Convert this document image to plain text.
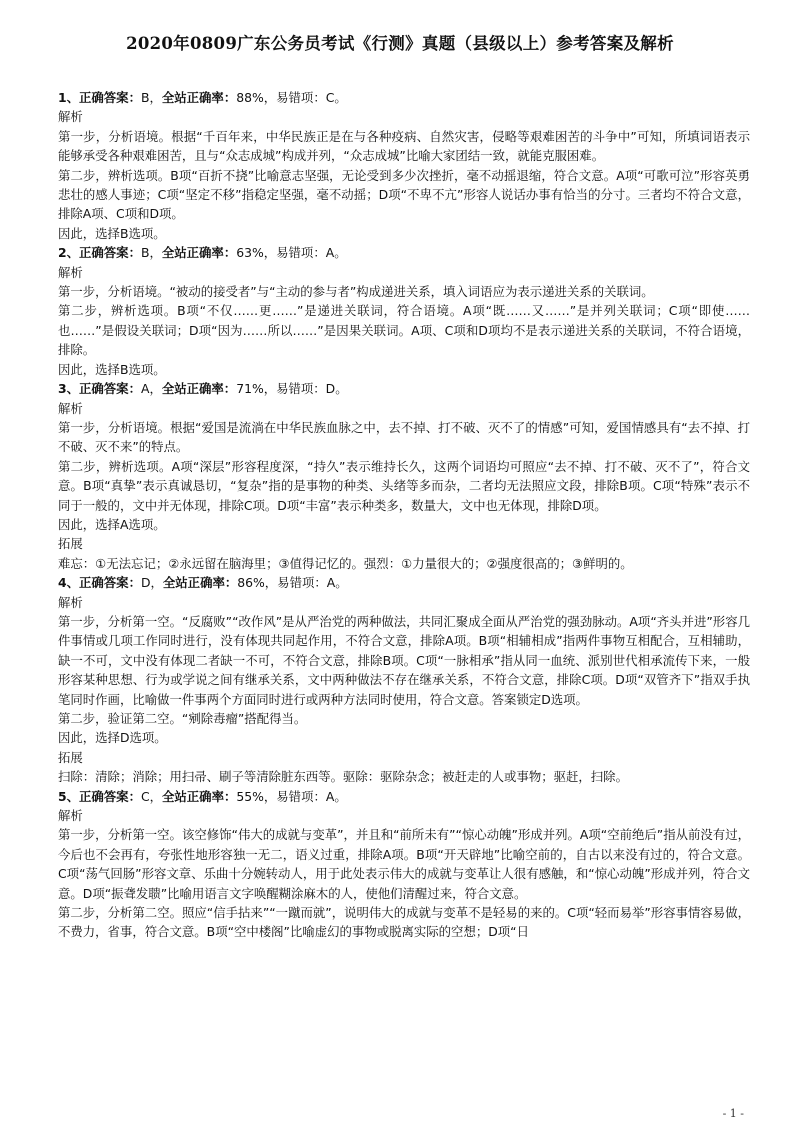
2020年0809广东公务员考试《行测》真题（县级以上）参考答案及解析

1、正确答案：B，全站正确率：88%，易错项：C。

解析

第一步，分析语境。根据“千百年来，中华民族正是在与各种疫病、自然灾害，侵略等艰难困苦的斗争中”可知，所填词语表示能够承受各种艰难困苦，且与“众志成城”构成并列，“众志成城”比喻大家团结一致，就能克服困难。

第二步，辨析选项。B项“百折不挠”比喻意志坚强，无论受到多少次挫折，毫不动摇退缩，符合文意。A项“可歌可泣”形容英勇悲壮的感人事迹；C项“坚定不移”指稳定坚强，毫不动摇；D项“不卑不亢”形容人说话办事有恰当的分寸。三者均不符合文意，排除A项、C项和D项。

因此，选择B选项。

2、正确答案：B，全站正确率：63%，易错项：A。

解析

第一步，分析语境。“被动的接受者”与“主动的参与者”构成递进关系，填入词语应为表示递进关系的关联词。

第二步，辨析选项。B项“不仅……更……”是递进关联词，符合语境。A项“既……又……”是并列关联词；C项“即使……也……”是假设关联词；D项“因为……所以……”是因果关联词。A项、C项和D项均不是表示递进关系的关联词，不符合语境，排除。

因此，选择B选项。

3、正确答案：A，全站正确率：71%，易错项：D。

解析

第一步，分析语境。根据“爱国是流淌在中华民族血脉之中，去不掉、打不破、灭不了的情感”可知，爱国情感具有“去不掉、打不破、灭不来”的特点。

第二步，辨析选项。A项“深层”形容程度深，“持久”表示维持长久，这两个词语均可照应“去不掉、打不破、灭不了”，符合文意。B项“真挚”表示真诚恳切，“复杂”指的是事物的种类、头绪等多而杂，二者均无法照应文段，排除B项。C项“特殊”表示不同于一般的，文中并无体现，排除C项。D项“丰富”表示种类多，数量大，文中也无体现，排除D项。

因此，选择A选项。

拓展

难忘：①无法忘记；②永远留在脑海里；③值得记忆的。强烈：①力量很大的；②强度很高的；③鲜明的。

4、正确答案：D，全站正确率：86%，易错项：A。

解析

第一步，分析第一空。“反腐败”“改作风”是从严治党的两种做法，共同汇聚成全面从严治党的强劲脉动。A项“齐头并进”形容几件事情或几项工作同时进行，没有体现共同起作用，不符合文意，排除A项。B项“相辅相成”指两件事物互相配合，互相辅助，缺一不可，文中没有体现二者缺一不可，不符合文意，排除B项。C项“一脉相承”指从同一血统、派别世代相承流传下来，一般形容某种思想、行为或学说之间有继承关系，文中两种做法不存在继承关系，不符合文意，排除C项。D项“双管齐下”指双手执笔同时作画，比喻做一件事两个方面同时进行或两种方法同时使用，符合文意。答案锁定D选项。

第二步，验证第二空。“剜除毒瘤”搭配得当。

因此，选择D选项。

拓展

扫除：清除；消除；用扫帚、刷子等清除脏东西等。驱除：驱除杂念；被赶走的人或事物；驱赶，扫除。

5、正确答案：C，全站正确率：55%，易错项：A。

解析

第一步，分析第一空。该空修饰“伟大的成就与变革”，并且和“前所未有”“惊心动魄”形成并列。A项“空前绝后”指从前没有过，今后也不会再有，夸张性地形容独一无二，语义过重，排除A项。B项“开天辟地”比喻空前的，自古以来没有过的，符合文意。C项“荡气回肠”形容文章、乐曲十分婉转动人，用于此处表示伟大的成就与变革让人很有感触，和“惊心动魄”形成并列，符合文意。D项“振聋发聩”比喻用语言文字唤醒糊涂麻木的人，使他们清醒过来，符合文意。

第二步，分析第二空。照应“信手拈来”“一蹴而就”，说明伟大的成就与变革不是轻易的来的。C项“轻而易举”形容事情容易做，不费力，省事，符合文意。B项“空中楼阁”比喻虚幻的事物或脱离实际的空想；D项“日

- 1 -
